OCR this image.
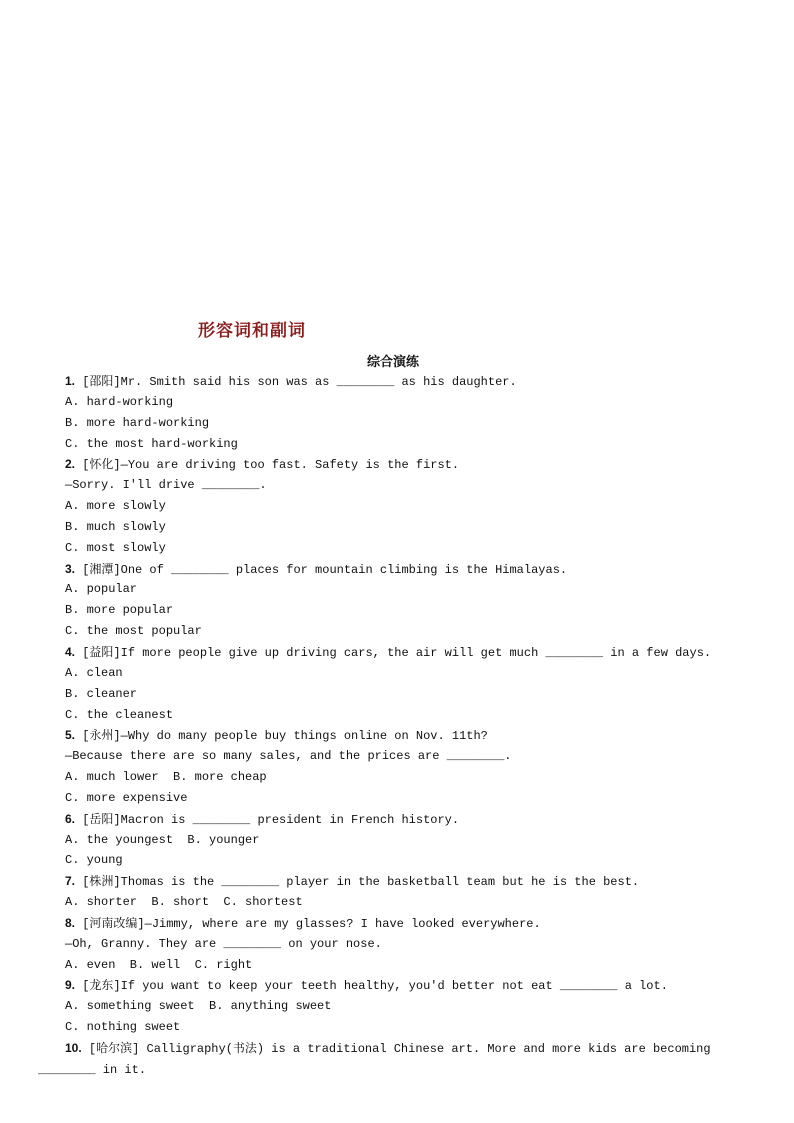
形容词和副词
综合演练
1. [邵阳]Mr. Smith said his son was as ________ as his daughter.
A. hard-working
B. more hard-working
C. the most hard-working
2. [怀化]—You are driving too fast. Safety is the first.
—Sorry. I'll drive ________.
A. more slowly
B. much slowly
C. most slowly
3. [湘潭]One of ________ places for mountain climbing is the Himalayas.
A. popular
B. more popular
C. the most popular
4. [益阳]If more people give up driving cars, the air will get much ________ in a few days.
A. clean
B. cleaner
C. the cleanest
5. [永州]—Why do many people buy things online on Nov. 11th?
—Because there are so many sales, and the prices are ________.
A. much lower  B. more cheap
C. more expensive
6. [岳阳]Macron is ________ president in French history.
A. the youngest  B. younger
C. young
7. [株洲]Thomas is the ________ player in the basketball team but he is the best.
A. shorter  B. short  C. shortest
8. [河南改编]—Jimmy, where are my glasses? I have looked everywhere.
—Oh, Granny. They are ________ on your nose.
A. even  B. well  C. right
9. [龙东]If you want to keep your teeth healthy, you'd better not eat ________ a lot.
A. something sweet  B. anything sweet
C. nothing sweet
10. [哈尔滨] Calligraphy(书法) is a traditional Chinese art. More and more kids are becoming ________ in it.
